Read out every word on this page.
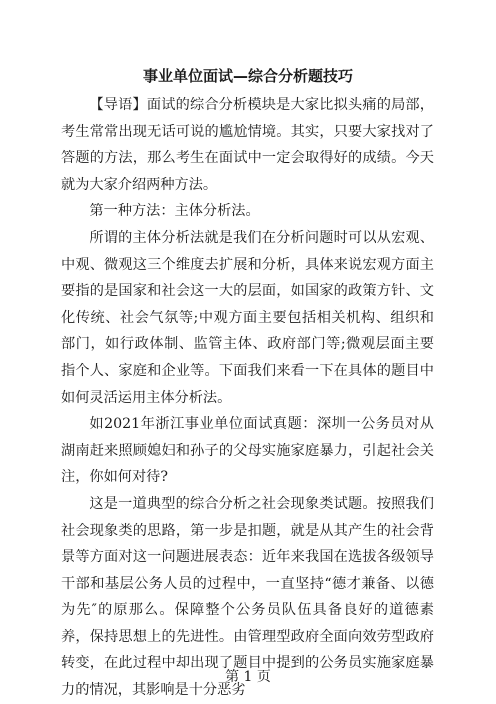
事业单位面试—综合分析题技巧

【导语】面试的综合分析模块是大家比拟头痛的局部，考生常常出现无话可说的尴尬情境。其实，只要大家找对了答题的方法，那么考生在面试中一定会取得好的成绩。今天就为大家介绍两种方法。

第一种方法：主体分析法。

所谓的主体分析法就是我们在分析问题时可以从宏观、中观、微观这三个维度去扩展和分析，具体来说宏观方面主要指的是国家和社会这一大的层面，如国家的政策方针、文化传统、社会气氛等;中观方面主要包括相关机构、组织和部门，如行政体制、监管主体、政府部门等;微观层面主要指个人、家庭和企业等。下面我们来看一下在具体的题目中如何灵活运用主体分析法。

如2021年浙江事业单位面试真题：深圳一公务员对从湖南赶来照顾媳妇和孙子的父母实施家庭暴力，引起社会关注，你如何对待?

这是一道典型的综合分析之社会现象类试题。按照我们社会现象类的思路，第一步是扣题，就是从其产生的社会背景等方面对这一问题进展表态：近年来我国在选拔各级领导干部和基层公务人员的过程中，一直坚持“德才兼备、以德为先″的原那么。保障整个公务员队伍具备良好的道德素养，保持思想上的先进性。由管理型政府全面向效劳型政府转变，在此过程中却出现了题目中提到的公务员实施家庭暴力的情况，其影响是十分恶劣

第 1 页
